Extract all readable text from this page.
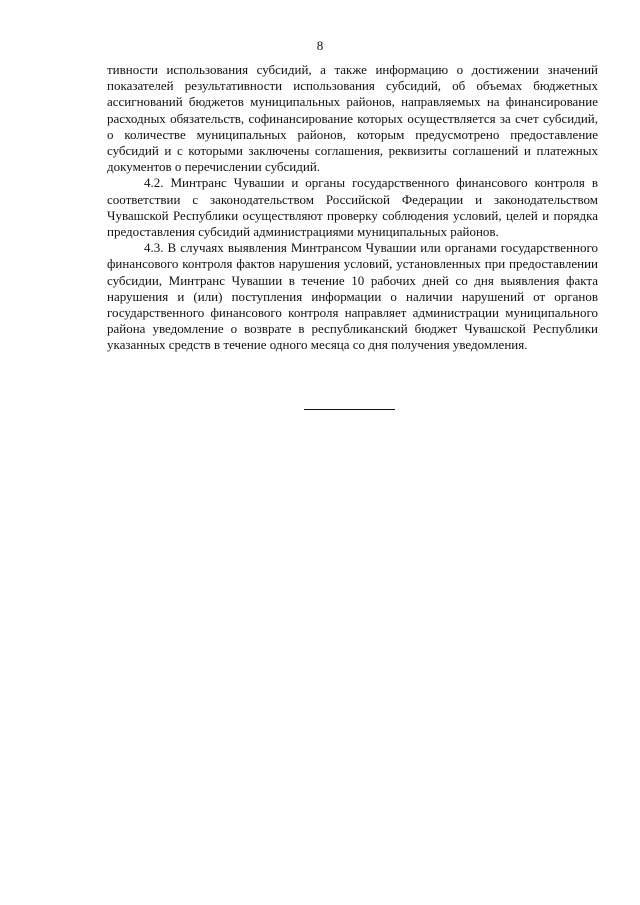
8

тивности использования субсидий, а также информацию о достижении значений показателей результативности использования субсидий, об объемах бюджетных ассигнований бюджетов муниципальных районов, направляемых на финансирование расходных обязательств, софинансирование которых осуществляется за счет субсидий, о количестве муниципальных районов, которым предусмотрено предоставление субсидий и с которыми заключены соглашения, реквизиты соглашений и платежных документов о перечислении субсидий.

4.2. Минтранс Чувашии и органы государственного финансового контроля в соответствии с законодательством Российской Федерации и законодательством Чувашской Республики осуществляют проверку соблюдения условий, целей и порядка предоставления субсидий администрациями муниципальных районов.

4.3. В случаях выявления Минтрансом Чувашии или органами государственного финансового контроля фактов нарушения условий, установленных при предоставлении субсидии, Минтранс Чувашии в течение 10 рабочих дней со дня выявления факта нарушения и (или) поступления информации о наличии нарушений от органов государственного финансового контроля направляет администрации муниципального района уведомление о возврате в республиканский бюджет Чувашской Республики указанных средств в течение одного месяца со дня получения уведомления.
